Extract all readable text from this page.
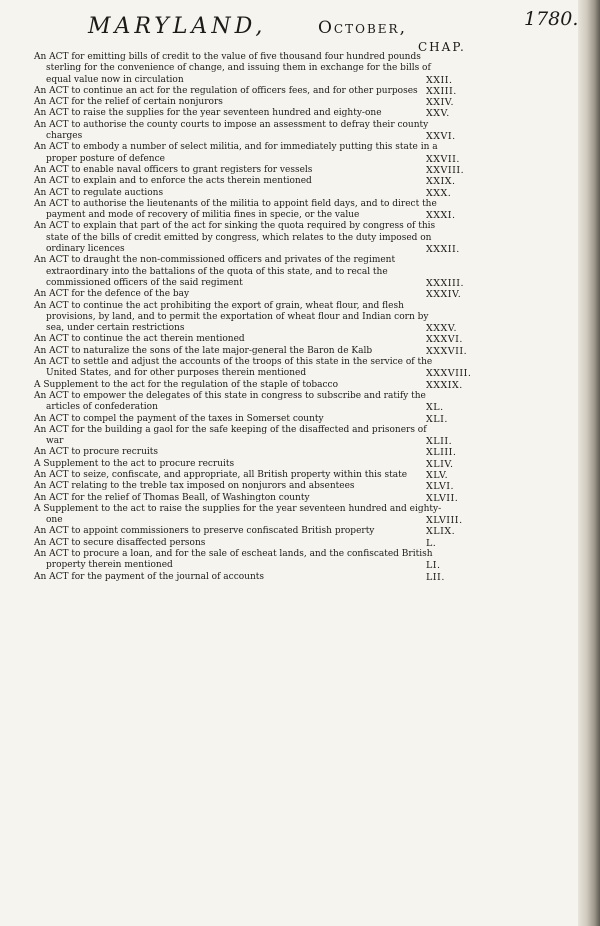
MARYLAND,	October,	1780.
CHAP.
An ACT for emitting bills of credit to the value of five thousand four hundred pounds sterling for the convenience of change, and issuing them in exchange for the bills of equal value now in circulation	XXII.
An ACT to continue an act for the regulation of officers fees, and for other purposes XXIII.
An ACT for the relief of certain nonjurors	XXIV.
An ACT to raise the supplies for the year seventeen hundred and eighty-one	XXV.
An ACT to authorise the county courts to impose an assessment to defray their county charges	XXVI.
An ACT to embody a number of select militia, and for immediately putting this state in a proper posture of defence	XXVII.
An ACT to enable naval officers to grant registers for vessels	XXVIII.
An ACT to explain and to enforce the acts therein mentioned	XXIX.
An ACT to regulate auctions	XXX.
An ACT to authorise the lieutenants of the militia to appoint field days, and to direct the payment and mode of recovery of militia fines in specie, or the value	XXXI.
An ACT to explain that part of the act for sinking the quota required by congress of this state of the bills of credit emitted by congress, which relates to the duty imposed on ordinary licences	XXXII.
An ACT to draught the non-commissioned officers and privates of the regiment extraordinary into the battalions of the quota of this state, and to recal the commissioned officers of the said regiment	XXXIII.
An ACT for the defence of the bay	XXXIV.
An ACT to continue the act prohibiting the export of grain, wheat flour, and flesh provisions, by land, and to permit the exportation of wheat flour and Indian corn by sea, under certain restrictions	XXXV.
An ACT to continue the act therein mentioned	XXXVI.
An ACT to naturalize the sons of the late major-general the Baron de Kalb	XXXVII.
An ACT to settle and adjust the accounts of the troops of this state in the service of the United States, and for other purposes therein mentioned	XXXVIII.
A Supplement to the act for the regulation of the staple of tobacco	XXXIX.
An ACT to empower the delegates of this state in congress to subscribe and ratify the articles of confederation	XL.
An ACT to compel the payment of the taxes in Somerset county	XLI.
An ACT for the building a gaol for the safe keeping of the disaffected and prisoners of war	XLII.
An ACT to procure recruits	XLIII.
A Supplement to the act to procure recruits	XLIV.
An ACT to seize, confiscate, and appropriate, all British property within this state	XLV.
An ACT relating to the treble tax imposed on nonjurors and absentees	XLVI.
An ACT for the relief of Thomas Beall, of Washington county	XLVII.
A Supplement to the act to raise the supplies for the year seventeen hundred and eighty-one	XLVIII.
An ACT to appoint commissioners to preserve confiscated British property	XLIX.
An ACT to secure disaffected persons	L.
An ACT to procure a loan, and for the sale of escheat lands, and the confiscated British property therein mentioned	LI.
An ACT for the payment of the journal of accounts	LII.
